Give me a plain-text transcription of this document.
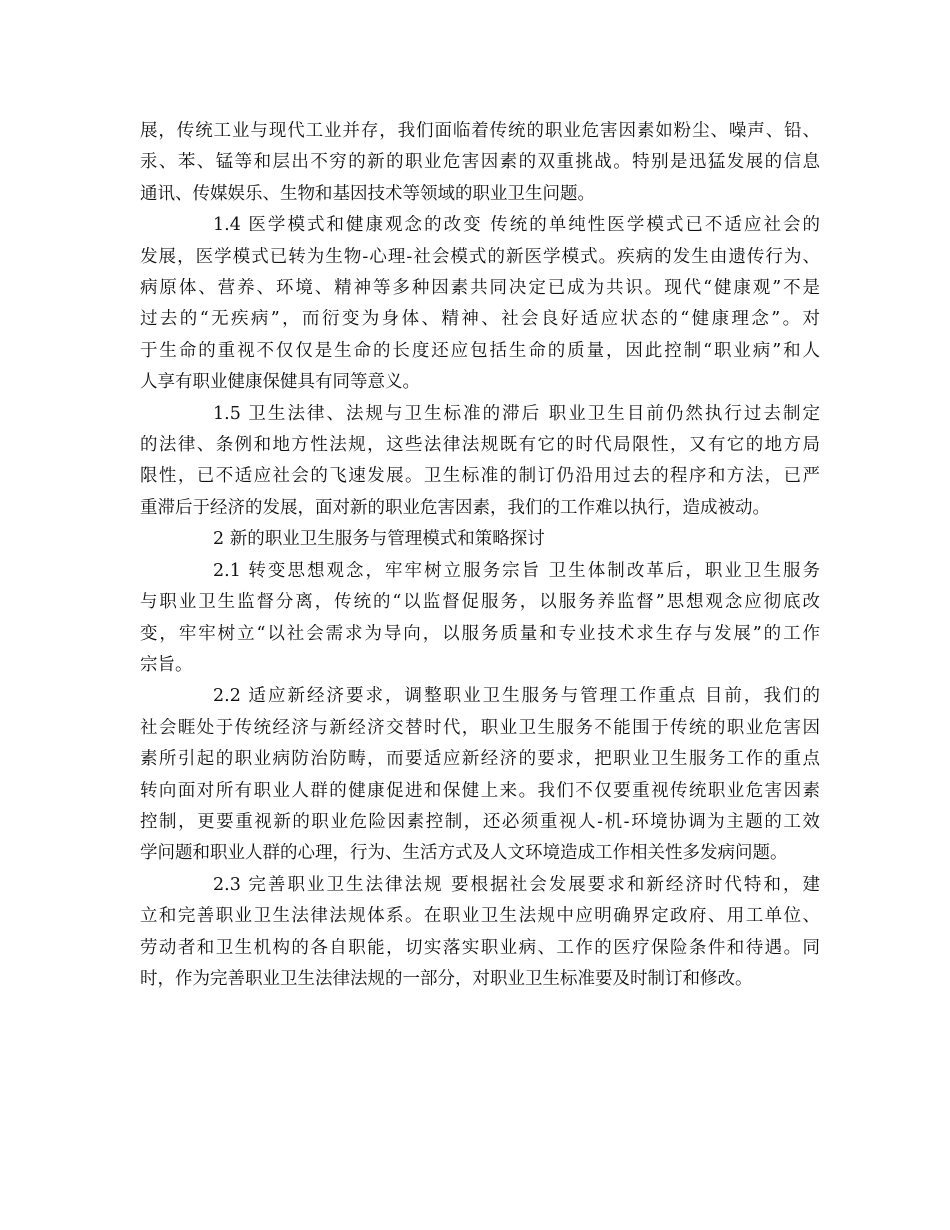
展，传统工业与现代工业并存，我们面临着传统的职业危害因素如粉尘、噪声、铅、
汞、苯、锰等和层出不穷的新的职业危害因素的双重挑战。特别是迅猛发展的信息
通讯、传媒娱乐、生物和基因技术等领域的职业卫生问题。

1.4 医学模式和健康观念的改变 传统的单纯性医学模式已不适应社会的
发展，医学模式已转为生物-心理-社会模式的新医学模式。疾病的发生由遗传行为、
病原体、营养、环境、精神等多种因素共同决定已成为共识。现代“健康观”不是
过去的“无疾病”，而衍变为身体、精神、社会良好适应状态的“健康理念”。对
于生命的重视不仅仅是生命的长度还应包括生命的质量，因此控制“职业病”和人
人享有职业健康保健具有同等意义。

1.5 卫生法律、法规与卫生标准的滞后 职业卫生目前仍然执行过去制定
的法律、条例和地方性法规，这些法律法规既有它的时代局限性，又有它的地方局
限性，已不适应社会的飞速发展。卫生标准的制订仍沿用过去的程序和方法，已严
重滞后于经济的发展，面对新的职业危害因素，我们的工作难以执行，造成被动。

2 新的职业卫生服务与管理模式和策略探讨

2.1 转变思想观念，牢牢树立服务宗旨 卫生体制改革后，职业卫生服务
与职业卫生监督分离，传统的“以监督促服务，以服务养监督”思想观念应彻底改
变，牢牢树立“以社会需求为导向，以服务质量和专业技术求生存与发展”的工作
宗旨。

2.2 适应新经济要求，调整职业卫生服务与管理工作重点 目前，我们的
社会睚处于传统经济与新经济交替时代，职业卫生服务不能围于传统的职业危害因
素所引起的职业病防治防畴，而要适应新经济的要求，把职业卫生服务工作的重点
转向面对所有职业人群的健康促进和保健上来。我们不仅要重视传统职业危害因素
控制，更要重视新的职业危险因素控制，还必须重视人-机-环境协调为主题的工效
学问题和职业人群的心理，行为、生活方式及人文环境造成工作相关性多发病问题。

2.3 完善职业卫生法律法规 要根据社会发展要求和新经济时代特和，建
立和完善职业卫生法律法规体系。在职业卫生法规中应明确界定政府、用工单位、
劳动者和卫生机构的各自职能，切实落实职业病、工作的医疗保险条件和待遇。同
时，作为完善职业卫生法律法规的一部分，对职业卫生标准要及时制订和修改。
